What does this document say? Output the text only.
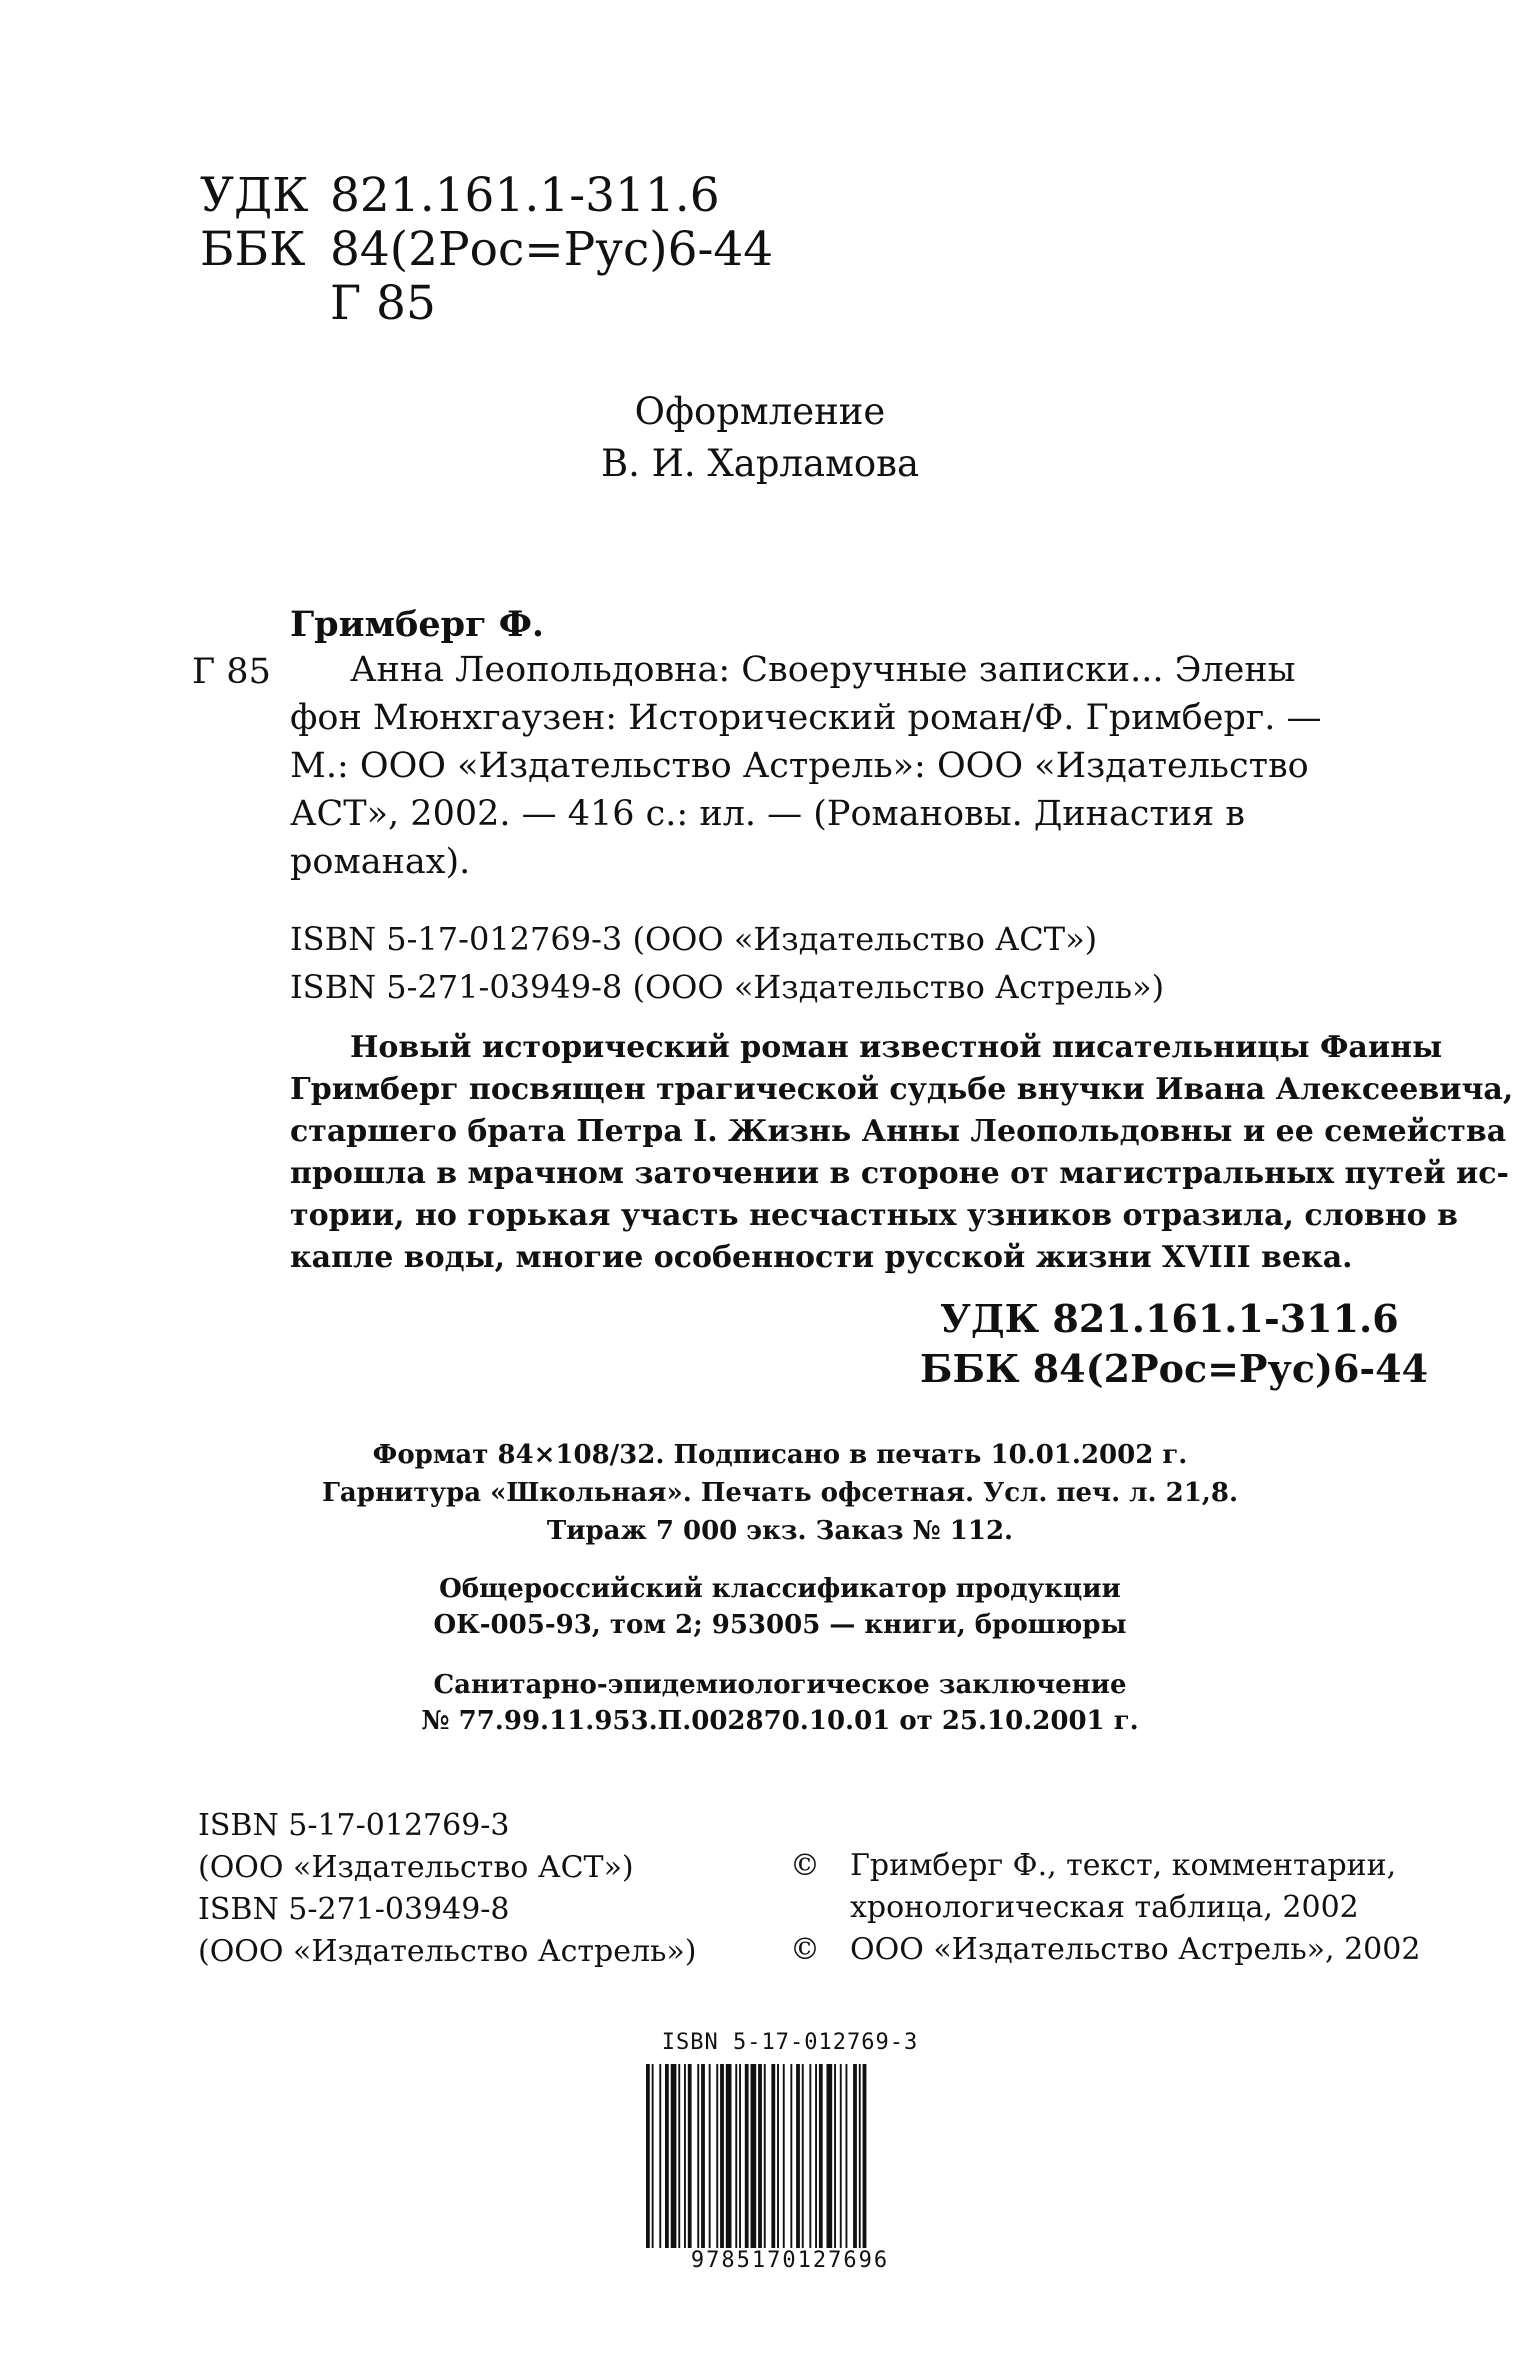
УДК 821.161.1-311.6
ББК 84(2Рос=Рус)6-44
Г 85
Оформление
В. И. Харламова
Гримберг Ф.
Г 85 Анна Леопольдовна: Своеручные записки... Элены
фон Мюнхгаузен: Исторический роман/Ф. Гримберг. —
М.: ООО «Издательство Астрель»: ООО «Издательство
АСТ», 2002. — 416 с.: ил. — (Романовы. Династия в
романах).
ISBN 5-17-012769-3 (ООО «Издательство АСТ»)
ISBN 5-271-03949-8 (ООО «Издательство Астрель»)
Новый исторический роман известной писательницы Фаины
Гримберг посвящен трагической судьбе внучки Ивана Алексеевича,
старшего брата Петра I. Жизнь Анны Леопольдовны и ее семейства
прошла в мрачном заточении в стороне от магистральных путей ис-
тории, но горькая участь несчастных узников отразила, словно в
капле воды, многие особенности русской жизни XVIII века.
УДК 821.161.1-311.6
ББК 84(2Рос=Рус)6-44
Формат 84×108/32. Подписано в печать 10.01.2002 г.
Гарнитура «Школьная». Печать офсетная. Усл. печ. л. 21,8.
Тираж 7 000 экз. Заказ № 112.
Общероссийский классификатор продукции
ОК-005-93, том 2; 953005 — книги, брошюры
Санитарно-эпидемиологическое заключение
№ 77.99.11.953.П.002870.10.01 от 25.10.2001 г.
ISBN 5-17-012769-3
(ООО «Издательство АСТ»)
ISBN 5-271-03949-8
(ООО «Издательство Астрель»)
© Гримберг Ф., текст, комментарии,
хронологическая таблица, 2002
© ООО «Издательство Астрель», 2002
ISBN 5-17-012769-3
9785170127696
